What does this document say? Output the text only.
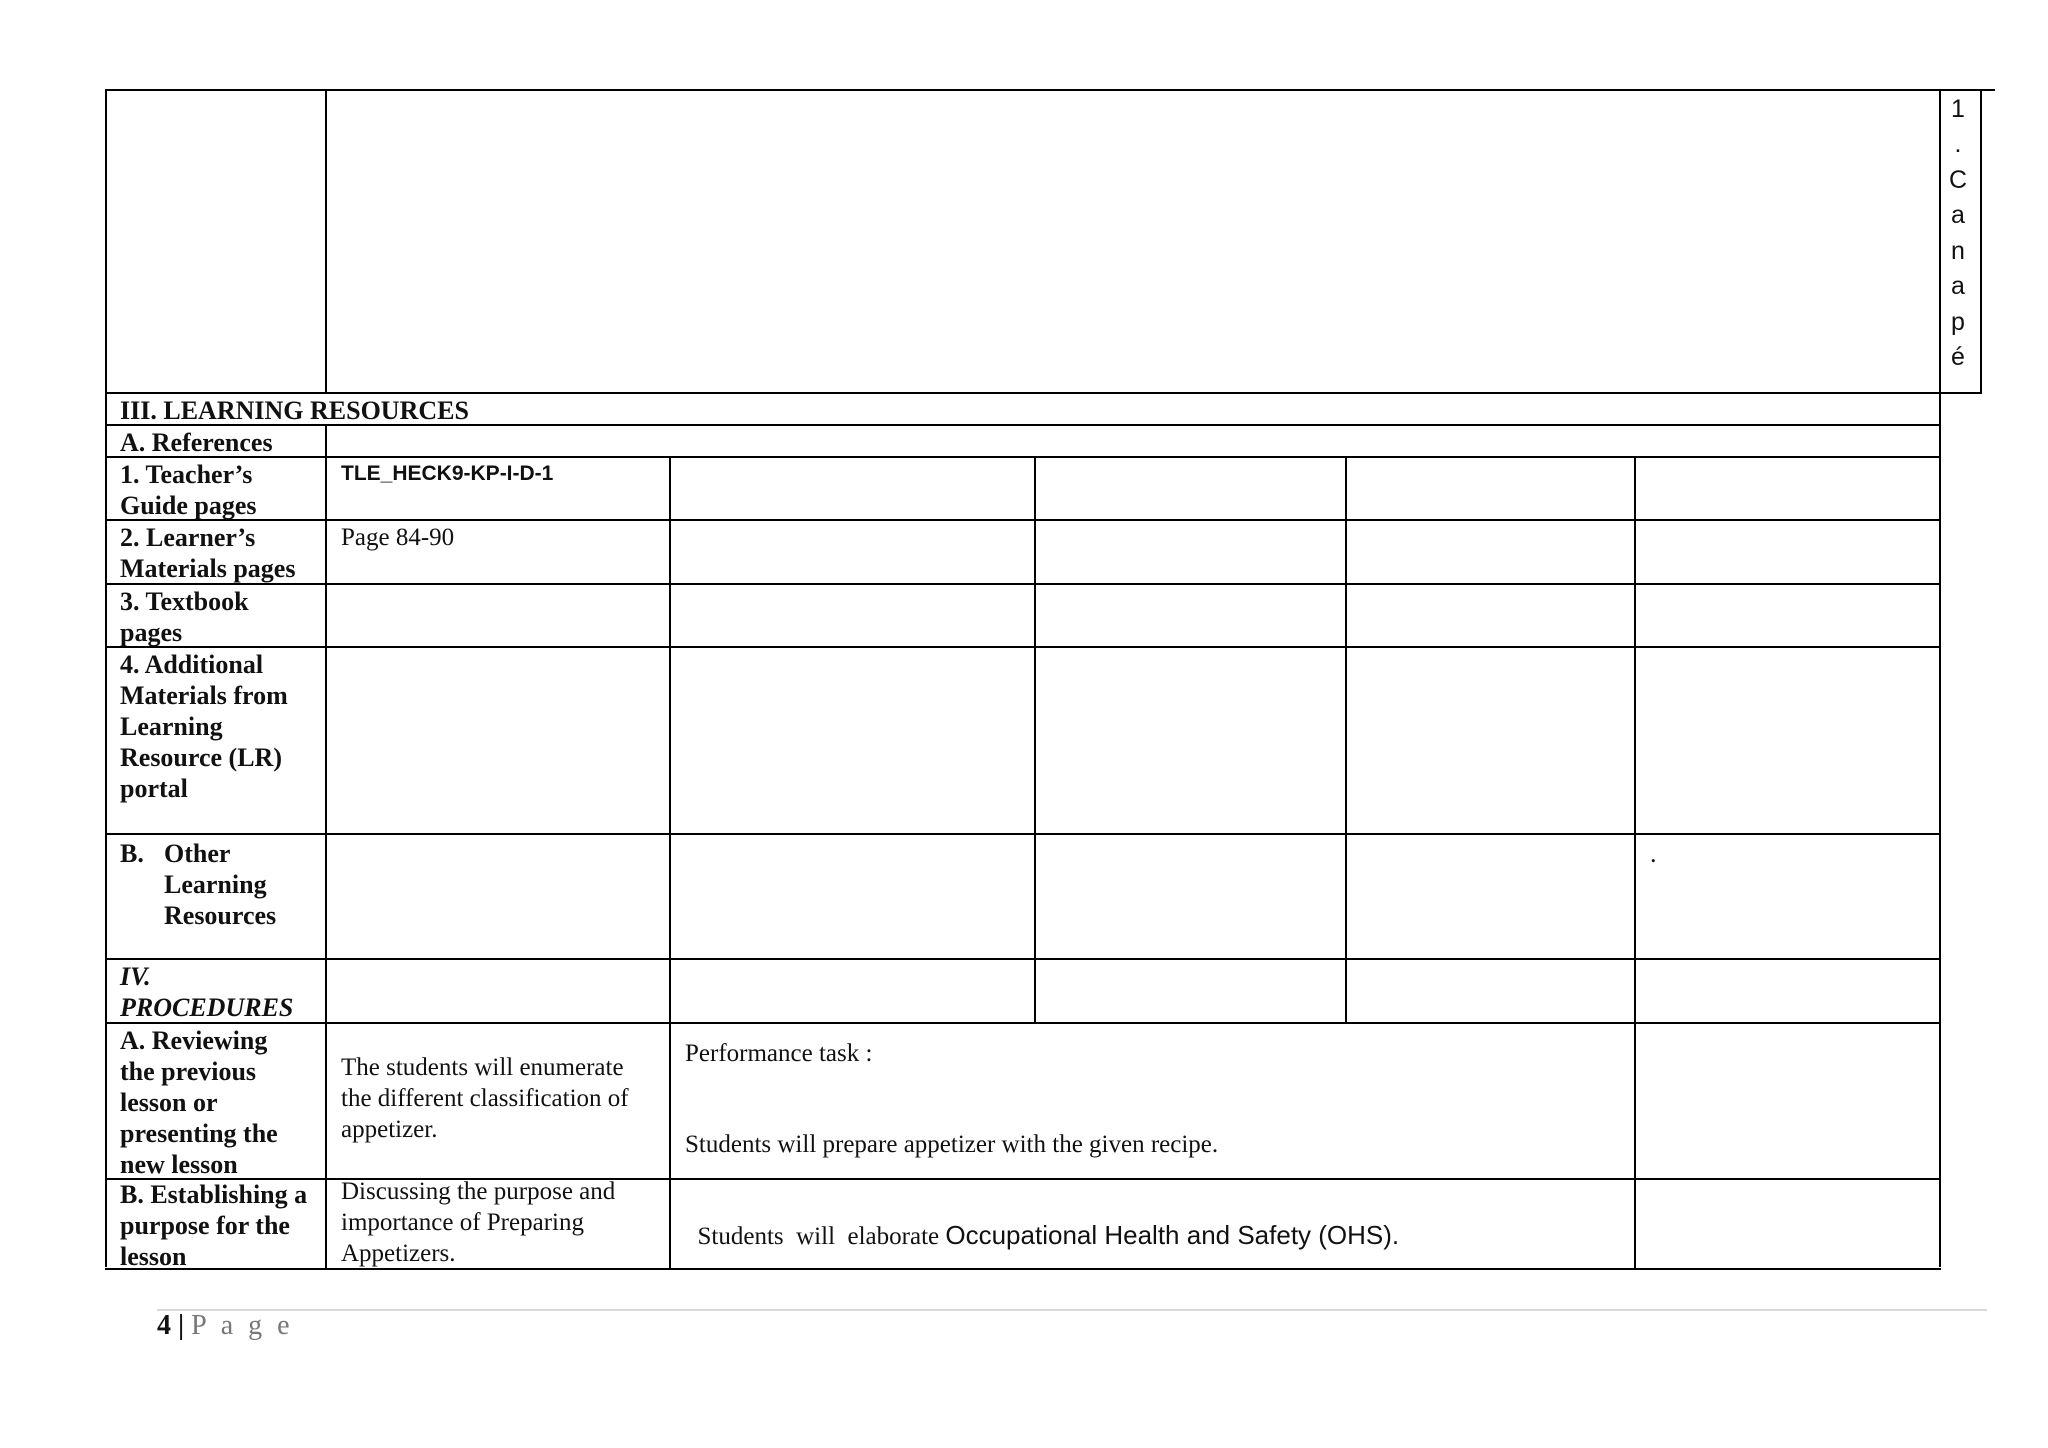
1
.
C
a
n
a
p
é
III. LEARNING RESOURCES
A. References
1. Teacher’s
Guide pages
TLE_HECK9-KP-I-D-1
2. Learner’s
Materials pages
Page 84-90
3. Textbook
pages
4. Additional
Materials from
Learning
Resource (LR)
portal
B. Other
Learning
Resources
.
IV.
PROCEDURES
A. Reviewing
the previous
lesson or
presenting the
new lesson
The students will enumerate
the different classification of
appetizer.
Performance task :
Students will prepare appetizer with the given recipe.
B. Establishing a
purpose for the
lesson
Discussing the purpose and
importance of Preparing
Appetizers.

Students  will  elaborate Occupational Health and Safety (OHS).

4 | P a g e
